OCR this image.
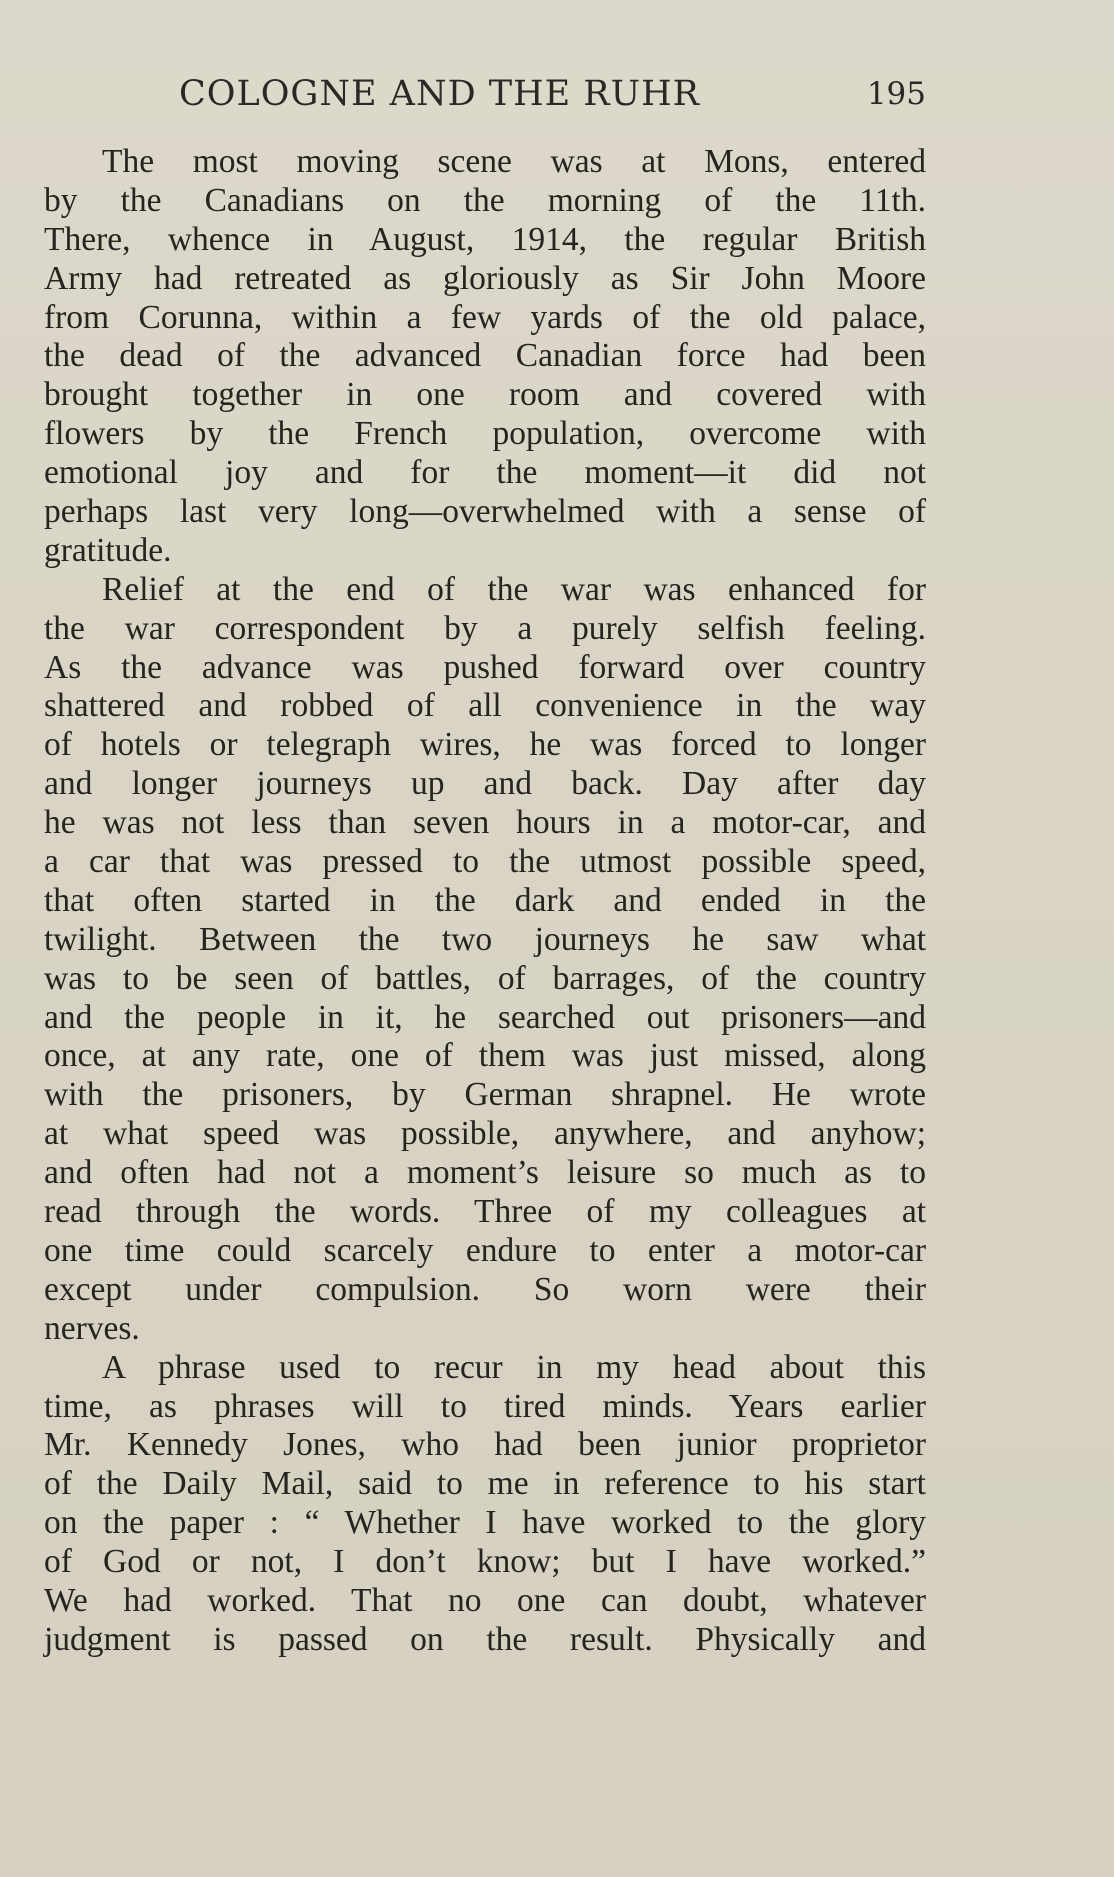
COLOGNE AND THE RUHR	195

The most moving scene was at Mons, entered
by the Canadians on the morning of the 11th.
There, whence in August, 1914, the regular British
Army had retreated as gloriously as Sir John Moore
from Corunna, within a few yards of the old palace,
the dead of the advanced Canadian force had been
brought together in one room and covered with
flowers by the French population, overcome with
emotional joy and for the moment—it did not
perhaps last very long—overwhelmed with a sense of
gratitude.

Relief at the end of the war was enhanced for
the war correspondent by a purely selfish feeling.
As the advance was pushed forward over country
shattered and robbed of all convenience in the way
of hotels or telegraph wires, he was forced to longer
and longer journeys up and back. Day after day
he was not less than seven hours in a motor-car, and
a car that was pressed to the utmost possible speed,
that often started in the dark and ended in the
twilight. Between the two journeys he saw what
was to be seen of battles, of barrages, of the country
and the people in it, he searched out prisoners—and
once, at any rate, one of them was just missed, along
with the prisoners, by German shrapnel. He wrote
at what speed was possible, anywhere, and anyhow;
and often had not a moment’s leisure so much as to
read through the words. Three of my colleagues at
one time could scarcely endure to enter a motor-car
except under compulsion. So worn were their
nerves.

A phrase used to recur in my head about this
time, as phrases will to tired minds. Years earlier
Mr. Kennedy Jones, who had been junior proprietor
of the Daily Mail, said to me in reference to his start
on the paper : “ Whether I have worked to the glory
of God or not, I don’t know; but I have worked.”
We had worked. That no one can doubt, whatever
judgment is passed on the result. Physically and
